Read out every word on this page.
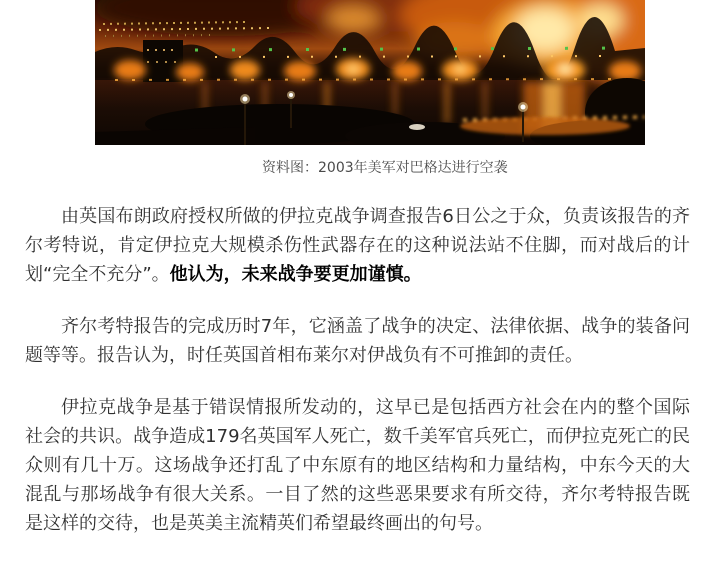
资料图：2003年美军对巴格达进行空袭

由英国布朗政府授权所做的伊拉克战争调查报告6日公之于众，负责该报告的齐尔考特说，肯定伊拉克大规模杀伤性武器存在的这种说法站不住脚，而对战后的计划“完全不充分”。他认为，未来战争要更加谨慎。

齐尔考特报告的完成历时7年，它涵盖了战争的决定、法律依据、战争的装备问题等等。报告认为，时任英国首相布莱尔对伊战负有不可推卸的责任。

伊拉克战争是基于错误情报所发动的，这早已是包括西方社会在内的整个国际社会的共识。战争造成179名英国军人死亡，数千美军官兵死亡，而伊拉克死亡的民众则有几十万。这场战争还打乱了中东原有的地区结构和力量结构，中东今天的大混乱与那场战争有很大关系。一目了然的这些恶果要求有所交待，齐尔考特报告既是这样的交待，也是英美主流精英们希望最终画出的句号。
